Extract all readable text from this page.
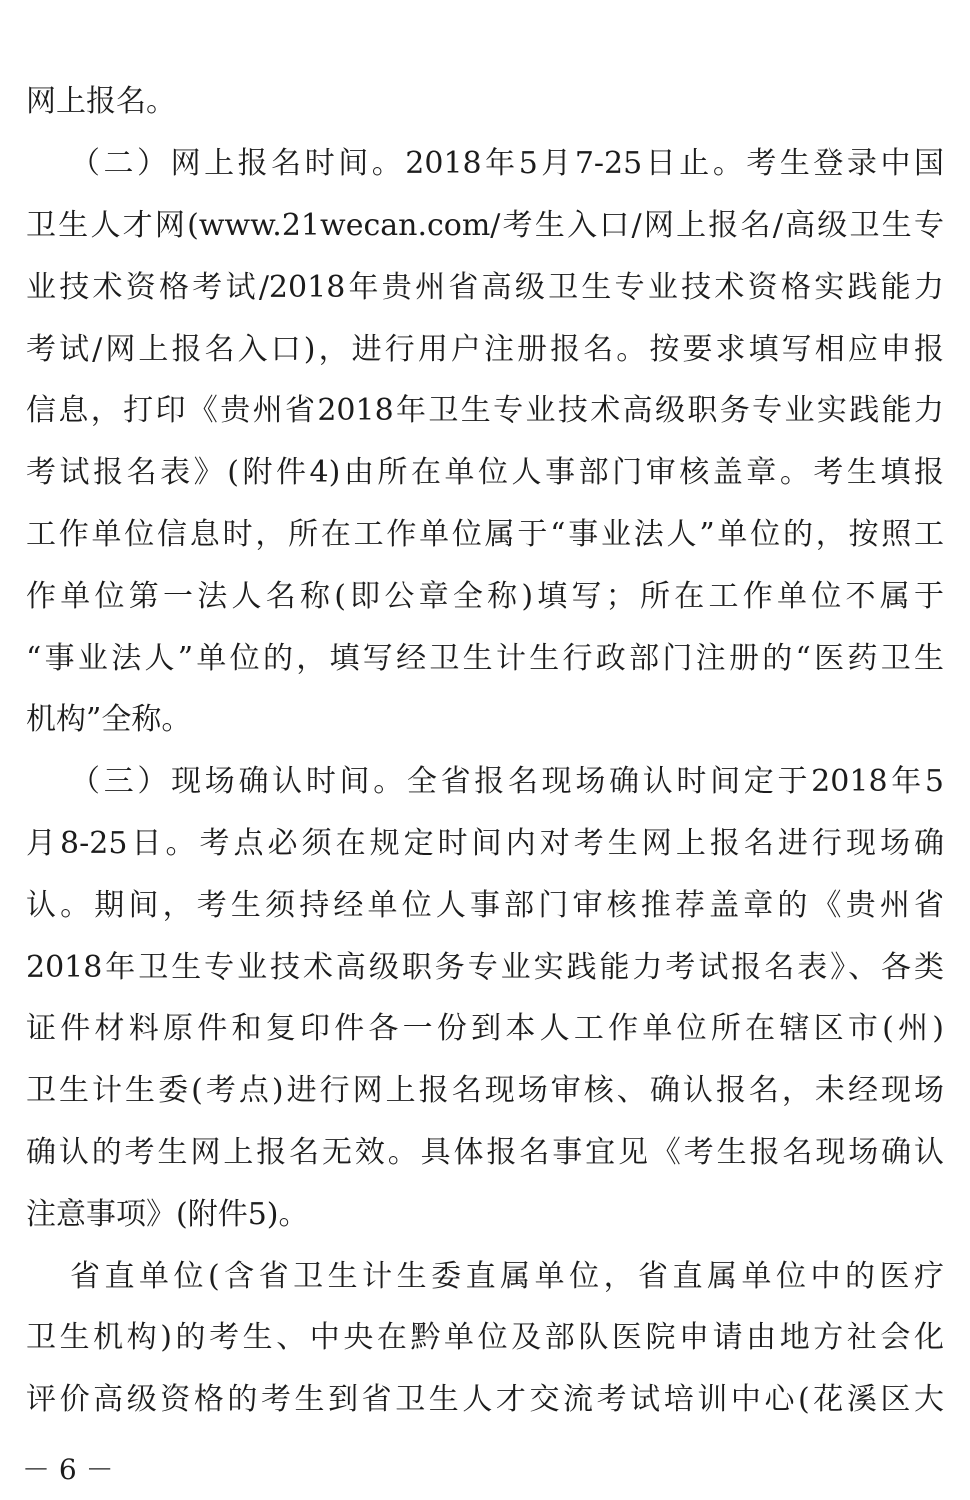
网上报名。
（二）网上报名时间。2018年5月7-25日止。考生登录中国
卫生人才网(www.21wecan.com/考生入口/网上报名/高级卫生专
业技术资格考试/2018年贵州省高级卫生专业技术资格实践能力
考试/网上报名入口)，进行用户注册报名。按要求填写相应申报
信息，打印《贵州省2018年卫生专业技术高级职务专业实践能力
考试报名表》(附件4)由所在单位人事部门审核盖章。考生填报
工作单位信息时，所在工作单位属于“事业法人”单位的，按照工
作单位第一法人名称(即公章全称)填写；所在工作单位不属于
“事业法人”单位的，填写经卫生计生行政部门注册的“医药卫生
机构”全称。
（三）现场确认时间。全省报名现场确认时间定于2018年5
月8-25日。考点必须在规定时间内对考生网上报名进行现场确
认。期间，考生须持经单位人事部门审核推荐盖章的《贵州省
2018年卫生专业技术高级职务专业实践能力考试报名表》、各类
证件材料原件和复印件各一份到本人工作单位所在辖区市(州)
卫生计生委(考点)进行网上报名现场审核、确认报名，未经现场
确认的考生网上报名无效。具体报名事宜见《考生报名现场确认
注意事项》(附件5)。
省直单位(含省卫生计生委直属单位，省直属单位中的医疗
卫生机构)的考生、中央在黔单位及部队医院申请由地方社会化
评价高级资格的考生到省卫生人才交流考试培训中心(花溪区大
－ 6 －
